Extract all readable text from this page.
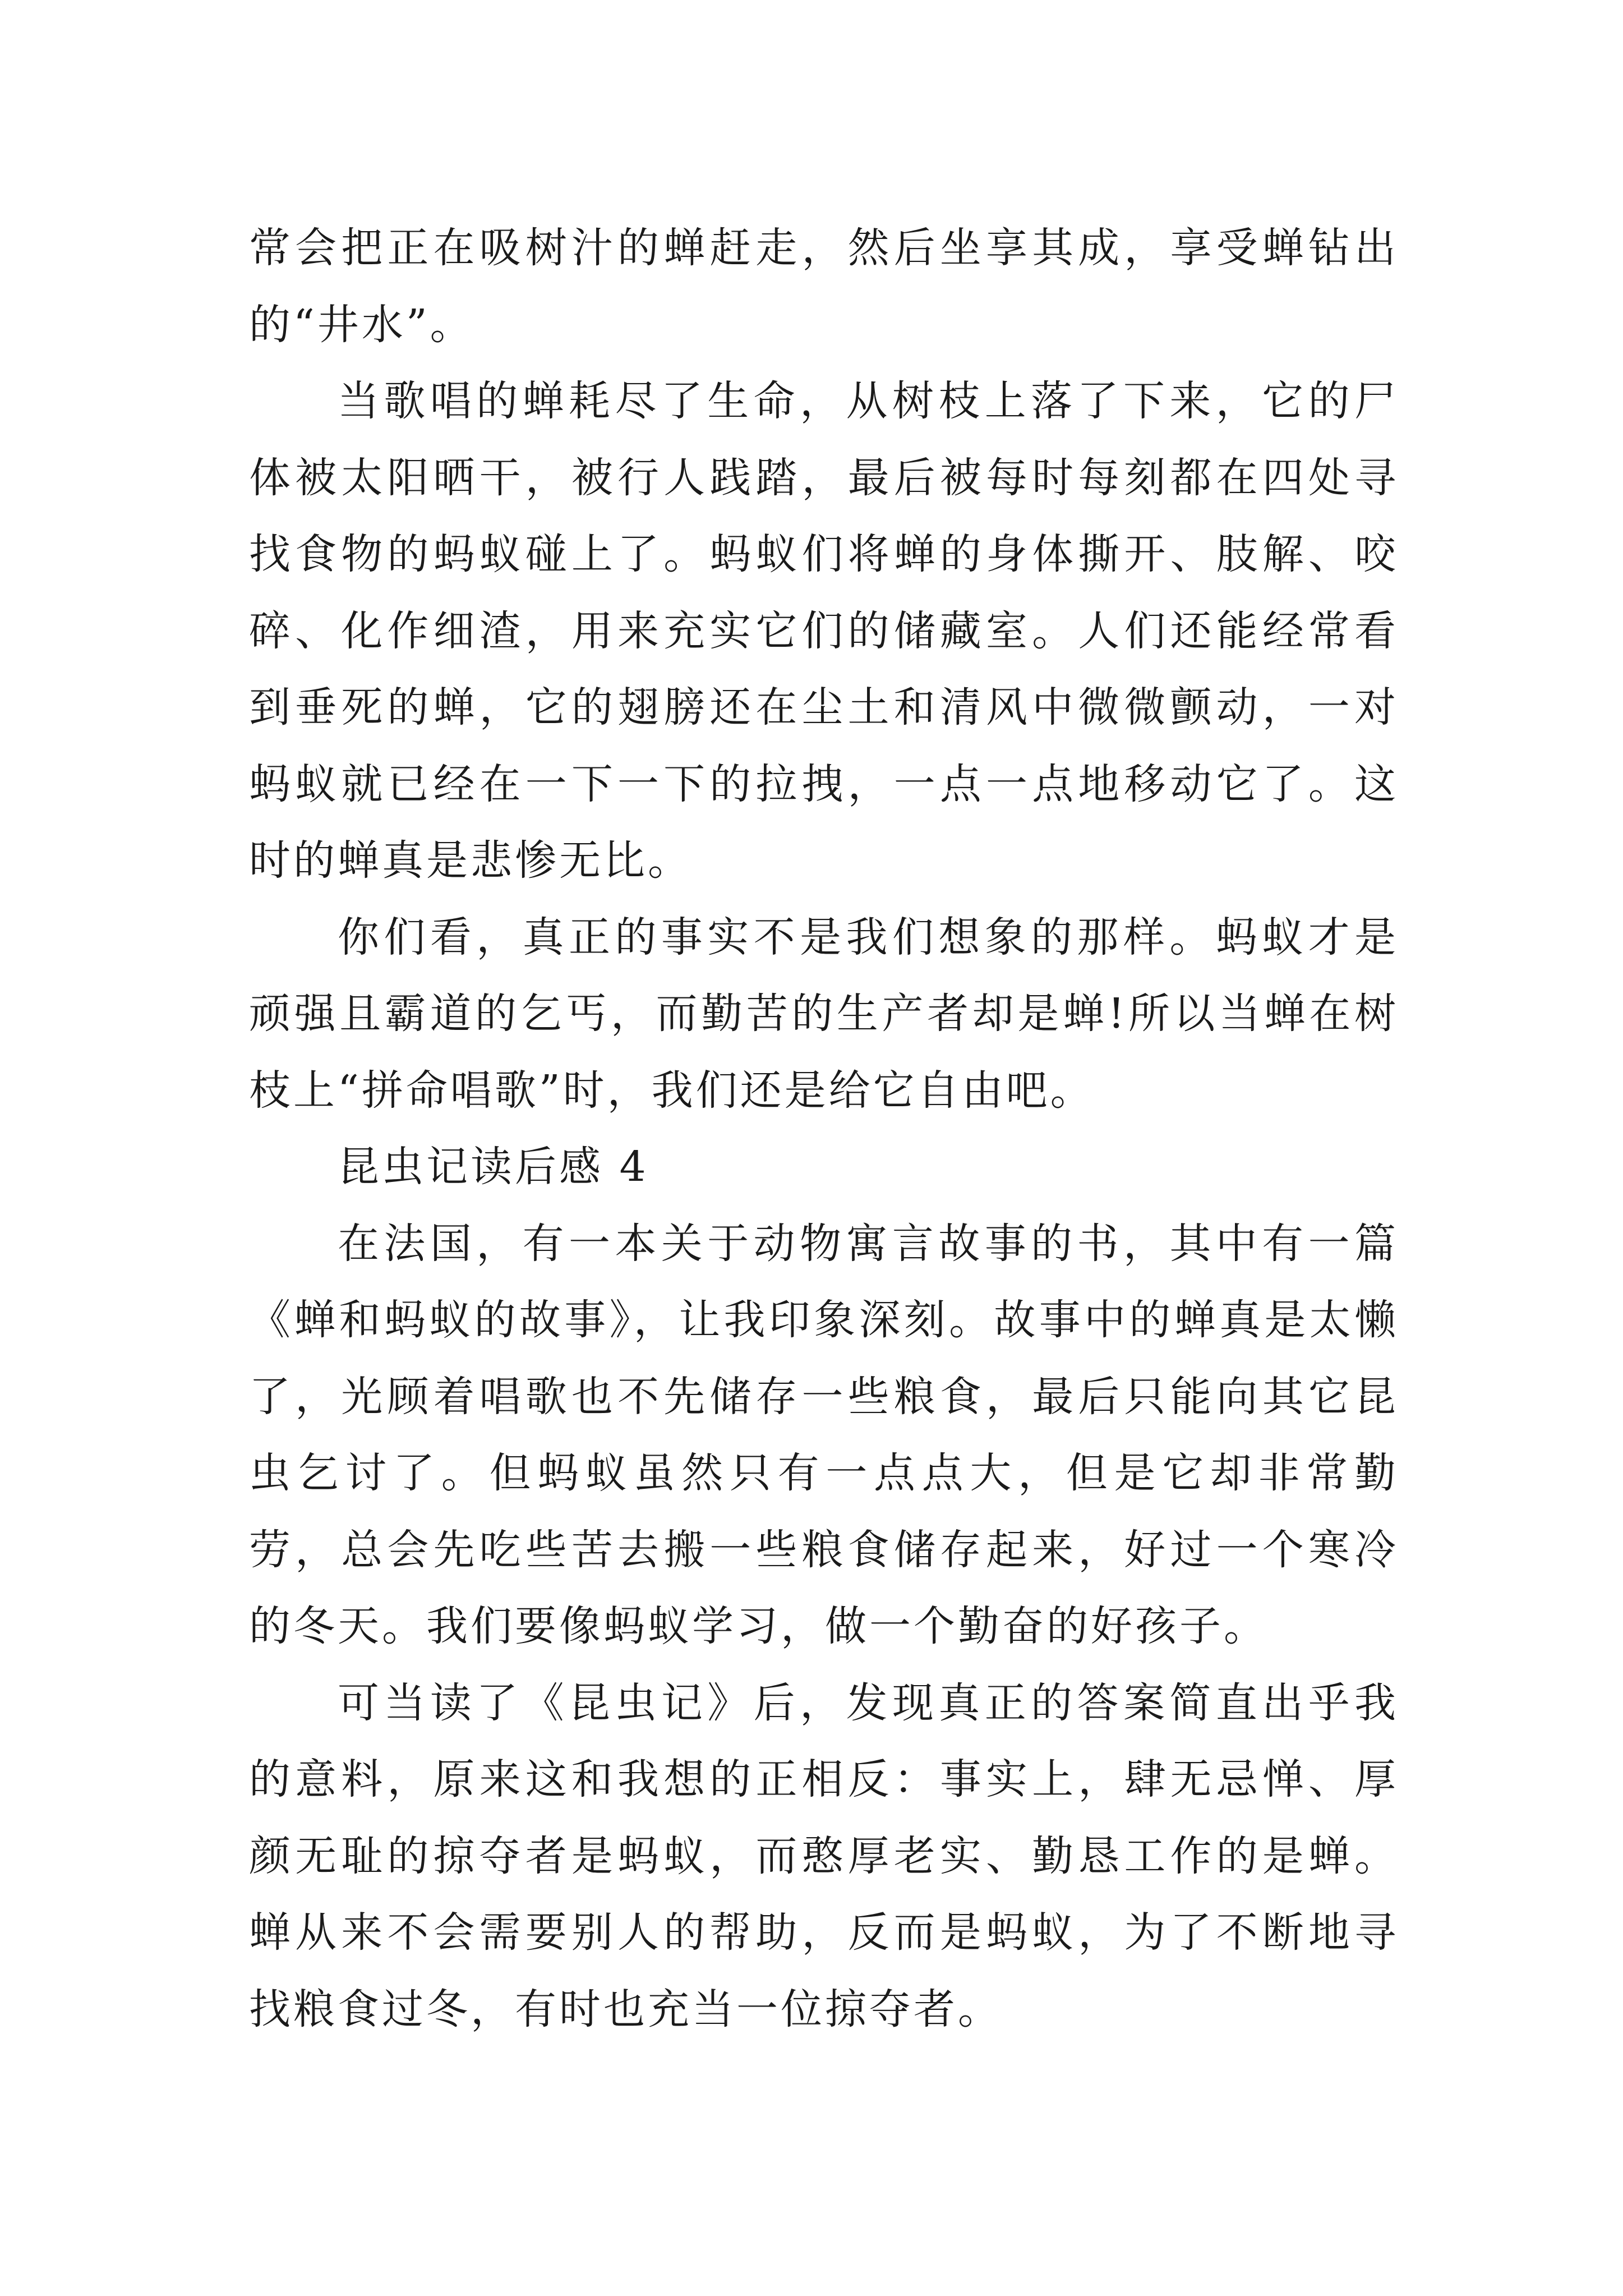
常会把正在吸树汁的蝉赶走，然后坐享其成，享受蝉钻出的“井水”。

当歌唱的蝉耗尽了生命，从树枝上落了下来，它的尸体被太阳晒干，被行人践踏，最后被每时每刻都在四处寻找食物的蚂蚁碰上了。蚂蚁们将蝉的身体撕开、肢解、咬碎、化作细渣，用来充实它们的储藏室。人们还能经常看到垂死的蝉，它的翅膀还在尘土和清风中微微颤动，一对蚂蚁就已经在一下一下的拉拽，一点一点地移动它了。这时的蝉真是悲惨无比。

你们看，真正的事实不是我们想象的那样。蚂蚁才是顽强且霸道的乞丐，而勤苦的生产者却是蝉!所以当蝉在树枝上“拼命唱歌”时，我们还是给它自由吧。

昆虫记读后感 4

在法国，有一本关于动物寓言故事的书，其中有一篇《蝉和蚂蚁的故事》，让我印象深刻。故事中的蝉真是太懒了，光顾着唱歌也不先储存一些粮食，最后只能向其它昆虫乞讨了。但蚂蚁虽然只有一点点大，但是它却非常勤劳，总会先吃些苦去搬一些粮食储存起来，好过一个寒冷的冬天。我们要像蚂蚁学习，做一个勤奋的好孩子。

可当读了《昆虫记》后，发现真正的答案简直出乎我的意料，原来这和我想的正相反：事实上，肆无忌惮、厚颜无耻的掠夺者是蚂蚁，而憨厚老实、勤恳工作的是蝉。蝉从来不会需要别人的帮助，反而是蚂蚁，为了不断地寻找粮食过冬，有时也充当一位掠夺者。
